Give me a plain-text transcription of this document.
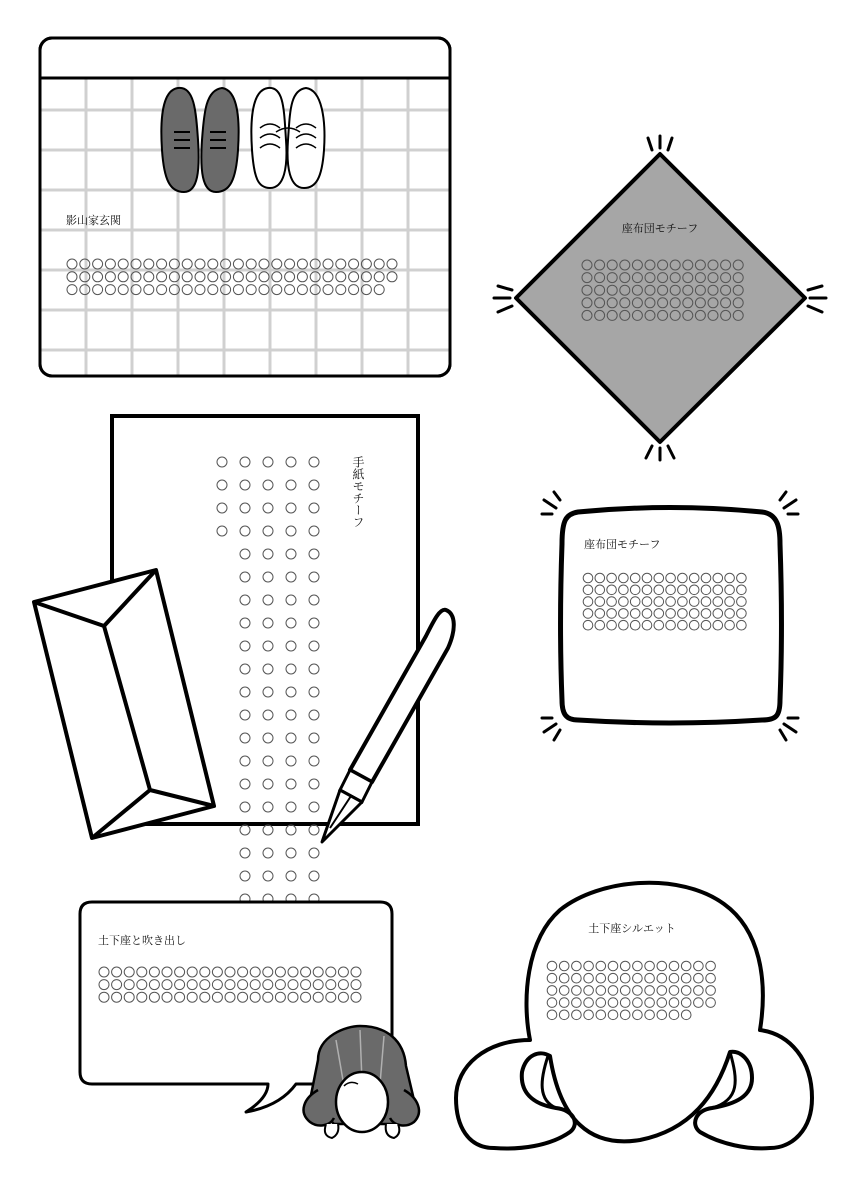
影山家玄関
座布団モチーフ
手紙モチーフ
座布団モチーフ
土下座と吹き出し
土下座シルエット
